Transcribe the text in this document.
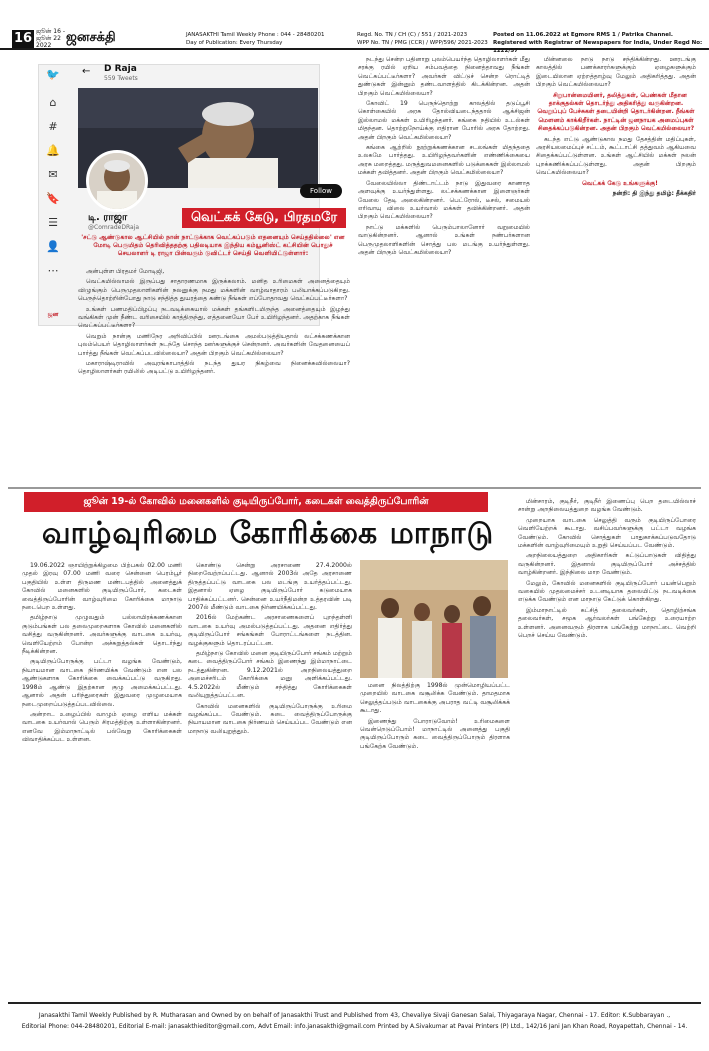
16 ஜூன் 16 -
ஜூன் 22
2022
ஜனசக்தி	JANASAKTHI Tamil Weekly Phone : 044 - 28480201
Day of Publication: Every Thursday
Regd. No. TN / CH (C) / 551 / 2021-2023
WPP No. TN / PMG (CCR) / WPP/596/ 2021-2023
Posted on 11.06.2022 at Egmore RMS 1 / Patrika Channel.
Registered with Registrar of Newspapers for India, Under Regd No: 1222/57
🐦
⌂
#
🔔
✉
🔖
☰
👤
⋯
ஜன
← D Raja
559 Tweets
Follow
டி. ராஜா
@ComradeDRaja
வெட்கக் கேடு, பிரதமரே
'சட்டு ஆண்டுகால ஆட்சியில் நான் நாட்டுக்காக வெட்கப்படும் எதனையும் செய்ததில்லை' என மோடி பெருமிதம் தெரிவித்ததற்கு பதிலடியாக இந்திய கம்யூனிஸ்ட் கட்சியின் பொதுச் செயலாளர் டி ராஜா பின்வரும் டுவிட்டர் செய்தி வெளியிட்டுள்ளார்:

அன்புள்ள பிரதமர் மோடிஜி,

வெட்கமில்லாமல் இருப்பது சாதாரணமாக இருக்கலாம். மனித உரிமைகள் அனைத்தையும் விழுங்கும் பெருமுதலாளிகளின் நலனுக்கு நமது மக்களின் வாழ்வாதாரம் பலியாக்கப்படுகிறது. பெருந்தொற்றின்போது நாடு சந்தித்த துயரத்தை கண்டு நீங்கள் எப்போதாவது வெட்கப்பட்டீர்களா?

உங்கள் பணமதிப்பிழப்பு நடவடிக்கையால் மக்கள் தங்களிடமிருந்த அனைத்தையும் இழந்து வங்கிகள் முன் நீண்ட வரிசையில் காத்திருந்து, எத்தனையோ பேர் உயிரிழந்தனர். அதற்காக நீங்கள் வெட்கப்பட்டீர்களா?

வெறும் நான்கு மணிநேர அறிவிப்பில் ஊரடங்கை அமல்படுத்தியதால் லட்சக்கணக்கான புலம்பெயர் தொழிலாளர்கள் நடந்தே சொந்த ஊர்களுக்குச் சென்றனர். அவர்களின் வேதனையைப் பார்த்து நீங்கள் வெட்கப்படவில்லையா? அதன் பிறகும் வெட்கமில்லையா?

மகாராஷ்டிராவில் அவுரங்காபாத்தில் நடந்த துயர நிகழ்வை நினைக்கவில்லையா? தொழிலாளர்கள் ரயிலில் அடிபட்டு உயிரிழந்தனர்.

நடந்து சென்ற பதினாறு புலம்பெயர்ந்த தொழிலாளர்கள் மீது சரக்கு ரயில் ஏறிய சம்பவத்தை நினைத்தாவது நீங்கள் வெட்கப்பட்டீர்களா? அவர்கள் விட்டுச் சென்ற ரொட்டித் துண்டுகள் இன்னும் தண்டவாளத்தில் கிடக்கின்றன. அதன் பிறகும் வெட்கமில்லையா?

கோவிட் 19 பெருந்தொற்று காலத்தில் தடுப்பூசி கொள்கையில் அரசு தோல்வியடைந்ததால் ஆக்சிஜன் இல்லாமல் மக்கள் உயிரிழந்தனர். கங்கை நதியில் உடல்கள் மிதந்தன. தொற்றுநோய்க்கு எதிரான போரில் அரசு தோற்றது. அதன் பிறகும் வெட்கமில்லையா?

கங்கை ஆற்றில் நூற்றுக்கணக்கான சடலங்கள் மிதந்ததை உலகமே பார்த்தது. உயிரிழந்தவர்களின் எண்ணிக்கையை அரசு மறைத்தது. மருத்துவமனைகளில் படுக்கைகள் இல்லாமல் மக்கள் தவித்தனர். அதன் பிறகும் வெட்கமில்லையா?

வேலையில்லா திண்டாட்டம் நாடு இதுவரை காணாத அளவுக்கு உயர்ந்துள்ளது. லட்சக்கணக்கான இளைஞர்கள் வேலை தேடி அலைகின்றனர். பெட்ரோல், டீசல், சமையல் எரிவாயு விலை உயர்வால் மக்கள் தவிக்கின்றனர். அதன் பிறகும் வெட்கமில்லையா?

நாட்டு மக்களில் பெரும்பாலானோர் வறுமையில் வாடுகின்றனர். ஆனால் உங்கள் நண்பர்களான பெருமுதலாளிகளின் சொத்து பல மடங்கு உயர்ந்துள்ளது. அதன் பிறகும் வெட்கமில்லையா?

மின்னலை நாடு நாடு சந்திக்கின்றது. ஊரடங்கு காலத்தில் பணக்காரர்களுக்கும் ஏழைகளுக்கும் இடையிலான ஏற்றத்தாழ்வு மேலும் அதிகரித்தது. அதன் பிறகும் வெட்கமில்லையா?

சிறுபான்மையினர், தலித்துகள், பெண்கள் மீதான தாக்குதல்கள் தொடர்ந்து அதிகரித்து வருகின்றன. வெறுப்புப் பேச்சுகள் தடையின்றி தொடர்கின்றன. நீங்கள் மௌனம் காக்கிறீர்கள். நாட்டின் ஜனநாயக அமைப்புகள் சிதைக்கப்படுகின்றன. அதன் பிறகும் வெட்கமில்லையா?

கடந்த எட்டு ஆண்டுகால நமது தேசத்தின் மதிப்புகள், அரசியலமைப்புச் சட்டம், கூட்டாட்சி தத்துவம் ஆகியவை சிதைக்கப்பட்டுள்ளன. உங்கள் ஆட்சியில் மக்கள் நலன் புறக்கணிக்கப்பட்டுள்ளது. அதன் பிறகும் வெட்கமில்லையா?

வெட்கக் கேடு உங்களுக்கு!

நன்றி: தி இந்து தமிழ்: தீக்கதிர்

ஜூன் 19-ல் கோவில் மனைகளில் குடியிருப்போர், கடைகள் வைத்திருப்போரின்
வாழ்வுரிமை கோரிக்கை மாநாடு

19.06.2022 ஞாயிற்றுக்கிழமை பிற்பகல் 02.00 மணி முதல் இரவு 07.00 மணி வரை சென்னை பெரம்பூர் பகுதியில் உள்ள திருமண மண்டபத்தில் அனைத்துக் கோவில் மனைகளில் குடியிருப்போர், கடைகள் வைத்திருப்போரின் வாழ்வுரிமை கோரிக்கை மாநாடு நடைபெற உள்ளது.

தமிழ்நாடு முழுவதும் பல்லாயிரக்கணக்கான குடும்பங்கள் பல தலைமுறைகளாக கோவில் மனைகளில் வசித்து வருகின்றனர். அவர்களுக்கு வாடகை உயர்வு, வெளியேற்றம் போன்ற அச்சுறுத்தல்கள் தொடர்ந்து நீடிக்கின்றன.

குடியிருப்போருக்கு பட்டா வழங்க வேண்டும், நியாயமான வாடகை நிர்ணயிக்க வேண்டும் என பல ஆண்டுகளாக கோரிக்கை வைக்கப்பட்டு வருகிறது. 1998ம் ஆண்டு இதற்கான குழு அமைக்கப்பட்டது. ஆனால் அதன் பரிந்துரைகள் இதுவரை முழுமையாக நடைமுறைப்படுத்தப்படவில்லை.

அன்றாட உழைப்பில் வாழும் ஏழை எளிய மக்கள் வாடகை உயர்வால் பெரும் சிரமத்திற்கு உள்ளாகின்றனர். எனவே இம்மாநாட்டில் பல்வேறு கோரிக்கைகள் விவாதிக்கப்பட உள்ளன.

கொண்டு சென்று அரசாணை 27.4.2000ல் நிறைவேற்றப்பட்டது. ஆனால் 2003ல் அதே அரசாணை திருத்தப்பட்டு வாடகை பல மடங்கு உயர்த்தப்பட்டது. இதனால் ஏழை குடியிருப்போர் கடுமையாக பாதிக்கப்பட்டனர். சென்னை உயர்நீதிமன்ற உத்தரவின் படி 2007ல் மீண்டும் வாடகை நிர்ணயிக்கப்பட்டது.

2016ல் மேற்கண்ட அரசாணைகளைப் புறந்தள்ளி வாடகை உயர்வு அமல்படுத்தப்பட்டது. அதனை எதிர்த்து குடியிருப்போர் சங்கங்கள் போராட்டங்களை நடத்தின. வழக்குகளும் தொடரப்பட்டன.

தமிழ்நாடு கோவில் மனை குடியிருப்போர் சங்கம் மற்றும் கடை வைத்திருப்போர் சங்கம் இணைந்து இம்மாநாட்டை நடத்துகின்றன. 9.12.2021ல் அறநிலையத்துறை அமைச்சரிடம் கோரிக்கை மனு அளிக்கப்பட்டது. 4.5.2022ல் மீண்டும் சந்தித்து கோரிக்கைகள் வலியுறுத்தப்பட்டன.

கோவில் மனைகளில் குடியிருப்போருக்கு உரிமை வழங்கப்பட வேண்டும். கடை வைத்திருப்போருக்கு நியாயமான வாடகை நிர்ணயம் செய்யப்பட வேண்டும் என மாநாடு வலியுறுத்தும்.

மனை நிலத்திற்கு 1998ல் முன்மொழியப்பட்ட முறையில் வாடகை வசூலிக்க வேண்டும். தாமதமாக செலுத்தப்படும் வாடகைக்கு அபராத வட்டி வசூலிக்கக் கூடாது.

இணைந்து போராடுவோம்! உரிமைகளை வென்றெடுப்போம்! மாநாட்டில் அனைத்து பகுதி குடியிருப்போரும் கடை வைத்திருப்போரும் திரளாக பங்கேற்க வேண்டும்.

மின்சாரம், குடிநீர், குடிநீர் இணைப்பு பெற தடையில்லாச் சான்று அறநிலையத்துறை வழங்க வேண்டும்.

முறையாக வாடகை செலுத்தி வரும் குடியிருப்போரை வெளியேற்றக் கூடாது. வசிப்பவர்களுக்கு பட்டா வழங்க வேண்டும். கோவில் சொத்துகள் பாதுகாக்கப்படுவதோடு மக்களின் வாழ்வுரிமையும் உறுதி செய்யப்பட வேண்டும்.

அறநிலையத்துறை அதிகாரிகள் கட்டுப்பாடுகள் விதித்து வருகின்றனர். இதனால் குடியிருப்போர் அச்சத்தில் வாழ்கின்றனர். இந்நிலை மாற வேண்டும்.

மேலும், கோவில் மனைகளில் குடியிருப்போர் பயன்பெறும் வகையில் முதலமைச்சர் உடனடியாக தலையிட்டு நடவடிக்கை எடுக்க வேண்டும் என மாநாடு கேட்டுக் கொள்கிறது.

இம்மாநாட்டில் கட்சித் தலைவர்கள், தொழிற்சங்க தலைவர்கள், சமூக ஆர்வலர்கள் பங்கேற்று உரையாற்ற உள்ளனர். அனைவரும் திரளாக பங்கேற்று மாநாட்டை வெற்றி பெறச் செய்ய வேண்டும்.

Janasakthi Tamil Weekly Published by R. Mutharasan and Owned by on behalf of Janasakthi Trust and Published from 43, Chevaliye Sivaji Ganesan Salai, Thiyagaraya Nagar, Chennai - 17. Editor: K.Subbarayan .,
Editorial Phone: 044-28480201, Editorial E-mail: janasakthieditor@gmail.com, Advt Email: info.janasakthi@gmail.com Printed by A.Sivakumar at Pavai Printers (P) Ltd., 142/16 Jani Jan Khan Road, Royapettah, Chennai - 14.
